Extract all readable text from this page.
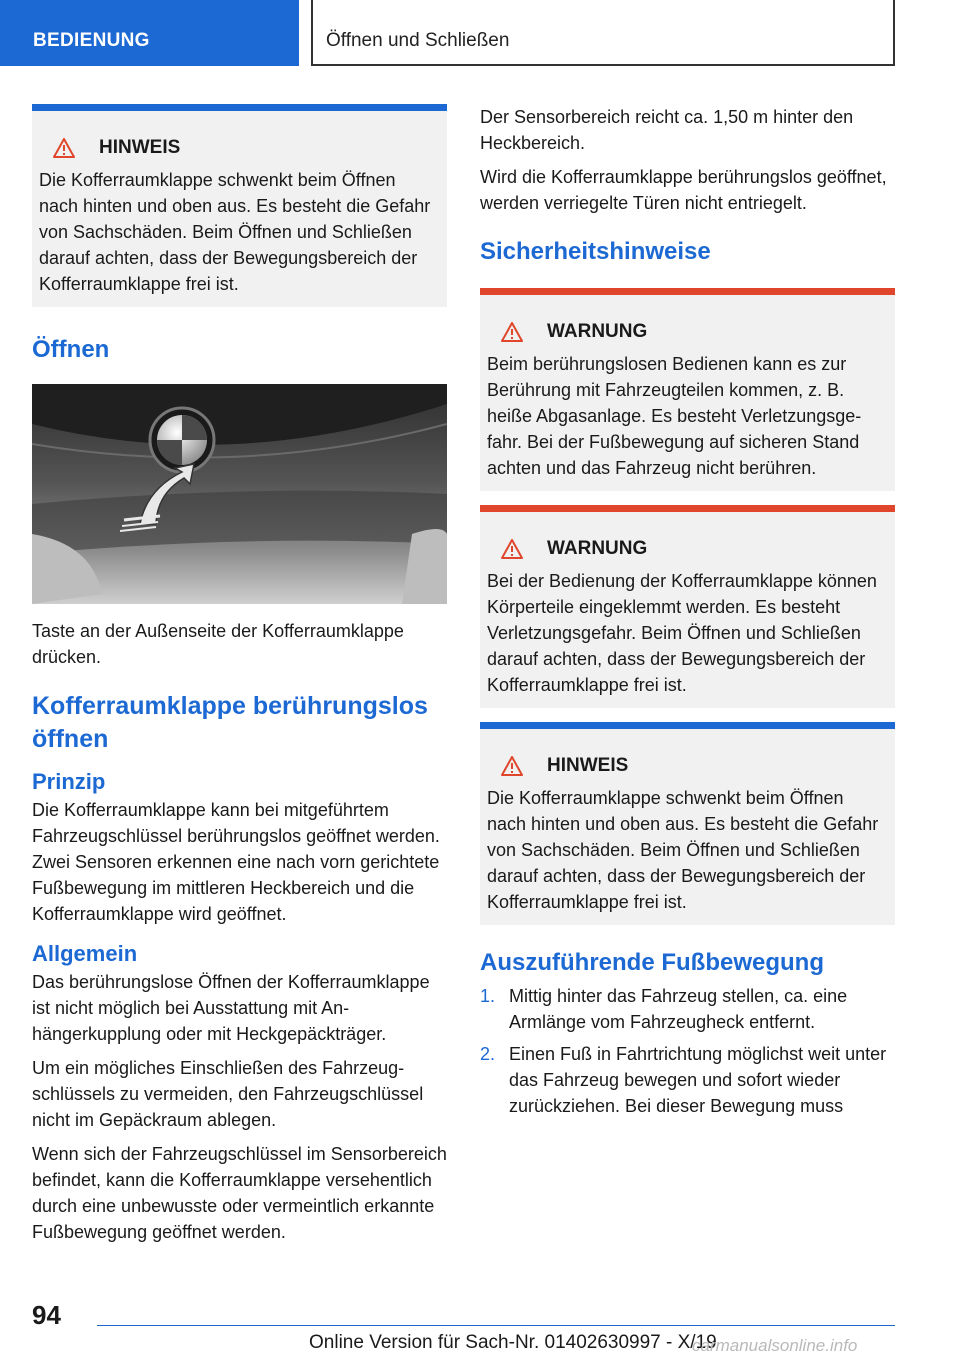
BEDIENUNG	Öffnen und Schließen
HINWEIS

Die Kofferraumklappe schwenkt beim Öffnen nach hinten und oben aus. Es besteht die Gefahr von Sachschäden. Beim Öffnen und Schließen darauf achten, dass der Bewegungsbereich der Kofferraumklappe frei ist.

Öffnen

Taste an der Außenseite der Kofferraumklappe drücken.

Kofferraumklappe berührungslos öffnen
Prinzip

Die Kofferraumklappe kann bei mitgeführtem Fahrzeugschlüssel berührungslos geöffnet werden. Zwei Sensoren erkennen eine nach vorn gerichtete Fußbewegung im mittleren Heckbereich und die Kofferraumklappe wird geöffnet.

Allgemein

Das berührungslose Öffnen der Kofferraumklappe ist nicht möglich bei Ausstattung mit Anhängerkupplung oder mit Heckgepäckträger.

Um ein mögliches Einschließen des Fahrzeugschlüssels zu vermeiden, den Fahrzeugschlüssel nicht im Gepäckraum ablegen.

Wenn sich der Fahrzeugschlüssel im Sensorbereich befindet, kann die Kofferraumklappe versehentlich durch eine unbewusste oder vermeintlich erkannte Fußbewegung geöffnet werden.

Der Sensorbereich reicht ca. 1,50 m hinter den Heckbereich.

Wird die Kofferraumklappe berührungslos geöffnet, werden verriegelte Türen nicht entriegelt.

Sicherheitshinweise
WARNUNG

Beim berührungslosen Bedienen kann es zur Berührung mit Fahrzeugteilen kommen, z. B. heiße Abgasanlage. Es besteht Verletzungsgefahr. Bei der Fußbewegung auf sicheren Stand achten und das Fahrzeug nicht berühren.

WARNUNG

Bei der Bedienung der Kofferraumklappe können Körperteile eingeklemmt werden. Es besteht Verletzungsgefahr. Beim Öffnen und Schließen darauf achten, dass der Bewegungsbereich der Kofferraumklappe frei ist.

HINWEIS

Die Kofferraumklappe schwenkt beim Öffnen nach hinten und oben aus. Es besteht die Gefahr von Sachschäden. Beim Öffnen und Schließen darauf achten, dass der Bewegungsbereich der Kofferraumklappe frei ist.

Auszuführende Fußbewegung
1. Mittig hinter das Fahrzeug stellen, ca. eine Armlänge vom Fahrzeugheck entfernt.
2. Einen Fuß in Fahrtrichtung möglichst weit unter das Fahrzeug bewegen und sofort wieder zurückziehen. Bei dieser Bewegung muss
94
Online Version für Sach-Nr. 01402630997 - X/19
carmanualsonline.info
